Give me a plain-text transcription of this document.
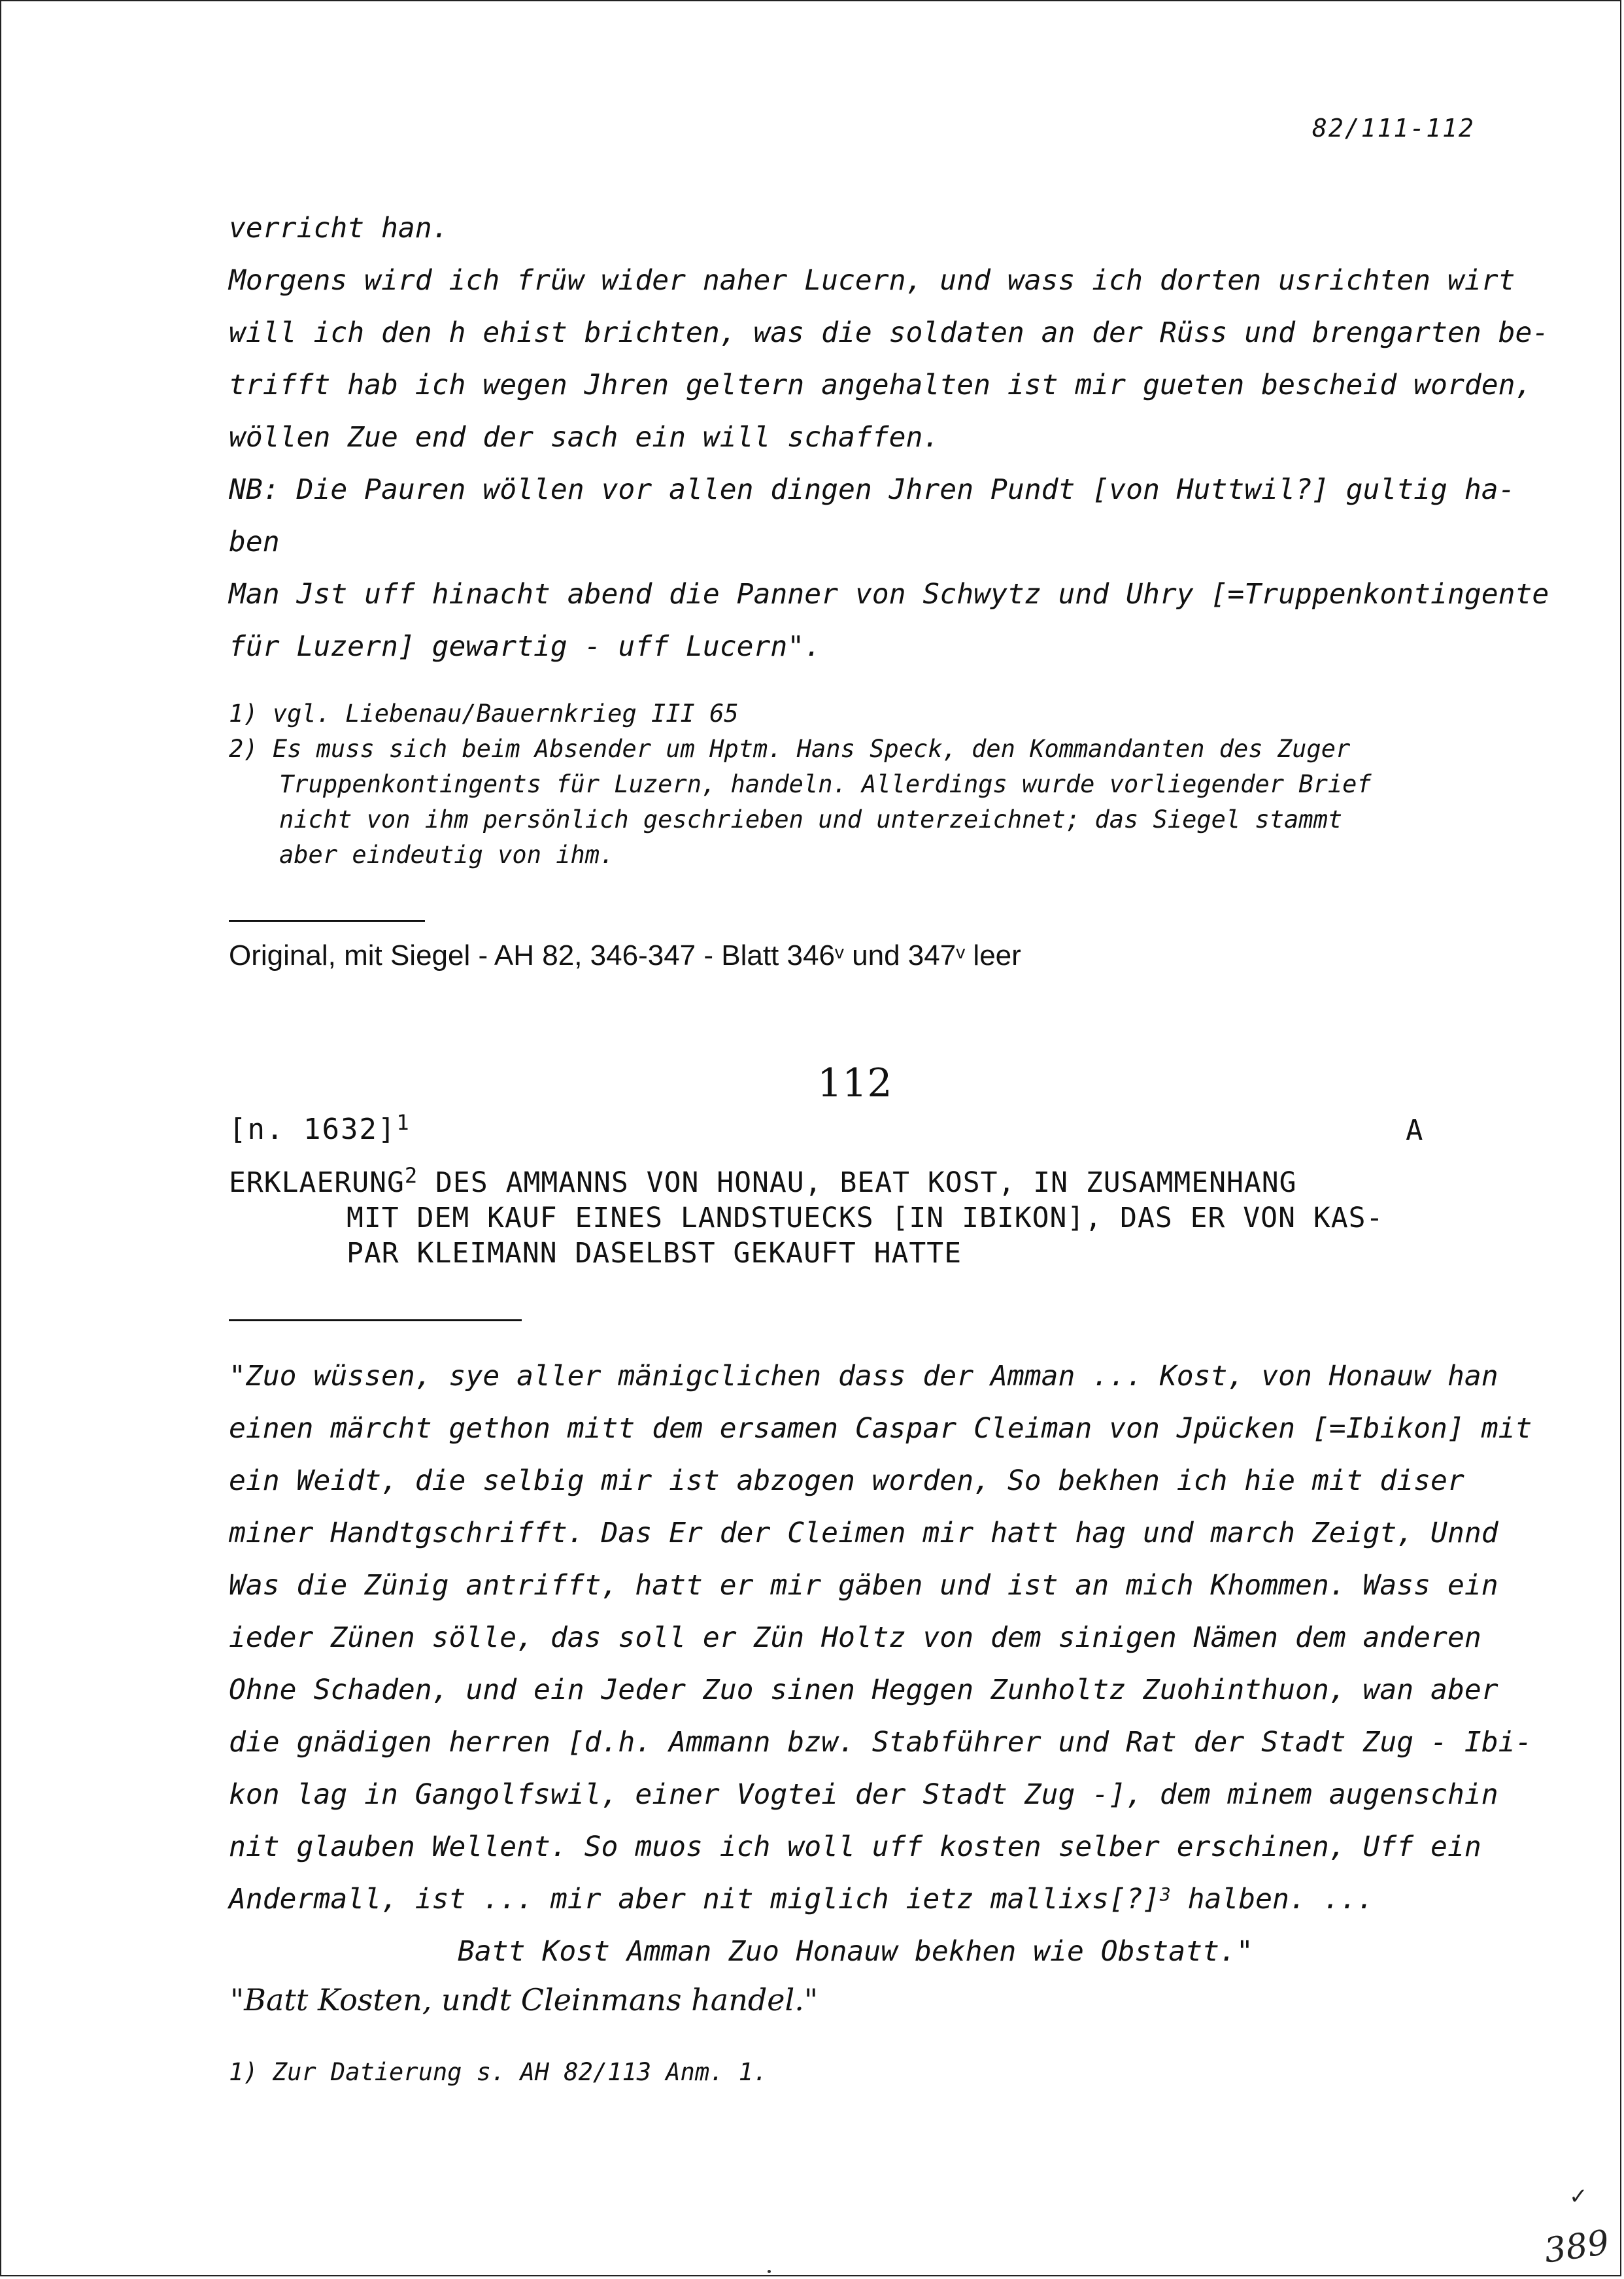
82/111-112
verricht han.
Morgens wird ich früw wider naher Lucern, und wass ich dorten usrichten wirt
will ich den h ehist brichten, was die soldaten an der Rüss und brengarten be-
trifft hab ich wegen Jhren geltern angehalten ist mir gueten bescheid worden,
wöllen Zue end der sach ein will schaffen.
NB: Die Pauren wöllen vor allen dingen Jhren Pundt [von Huttwil?] gultig ha-
ben
Man Jst uff hinacht abend die Panner von Schwytz und Uhry [=Truppenkontingente
für Luzern] gewartig - uff Lucern".
1) vgl. Liebenau/Bauernkrieg III 65
2) Es muss sich beim Absender um Hptm. Hans Speck, den Kommandanten des Zuger
Truppenkontingents für Luzern, handeln. Allerdings wurde vorliegender Brief
nicht von ihm persönlich geschrieben und unterzeichnet; das Siegel stammt
aber eindeutig von ihm.
Original, mit Siegel - AH 82, 346-347 - Blatt 346$^v$ und 347$^v$ leer
112
[n. 1632]$^1$	A
ERKLAERUNG$^2$ DES AMMANNS VON HONAU, BEAT KOST, IN ZUSAMMENHANG
MIT DEM KAUF EINES LANDSTUECKS [IN IBIKON], DAS ER VON KAS-
PAR KLEIMANN DASELBST GEKAUFT HATTE
"Zuo wüssen, sye aller mänigclichen dass der Amman ... Kost, von Honauw han
einen märcht gethon mitt dem ersamen Caspar Cleiman von Jpücken [=Ibikon] mit
ein Weidt, die selbig mir ist abzogen worden, So bekhen ich hie mit diser
miner Handtgschrifft. Das Er der Cleimen mir hatt hag und march Zeigt, Unnd
Was die Zünig antrifft, hatt er mir gäben und ist an mich Khommen. Wass ein
ieder Zünen sölle, das soll er Zün Holtz von dem sinigen Nämen dem anderen
Ohne Schaden, und ein Jeder Zuo sinen Heggen Zunholtz Zuohinthuon, wan aber
die gnädigen herren [d.h. Ammann bzw. Stabführer und Rat der Stadt Zug - Ibi-
kon lag in Gangolfswil, einer Vogtei der Stadt Zug -], dem minem augenschin
nit glauben Wellent. So muos ich woll uff kosten selber erschinen, Uff ein
Andermall, ist ... mir aber nit miglich ietz mallixs[?]$^3$ halben. ...
Batt Kost Amman Zuo Honauw bekhen wie Obstatt."
"Batt Kosten, undt Cleinmans handel."
1) Zur Datierung s. AH 82/113 Anm. 1.
✓
389
